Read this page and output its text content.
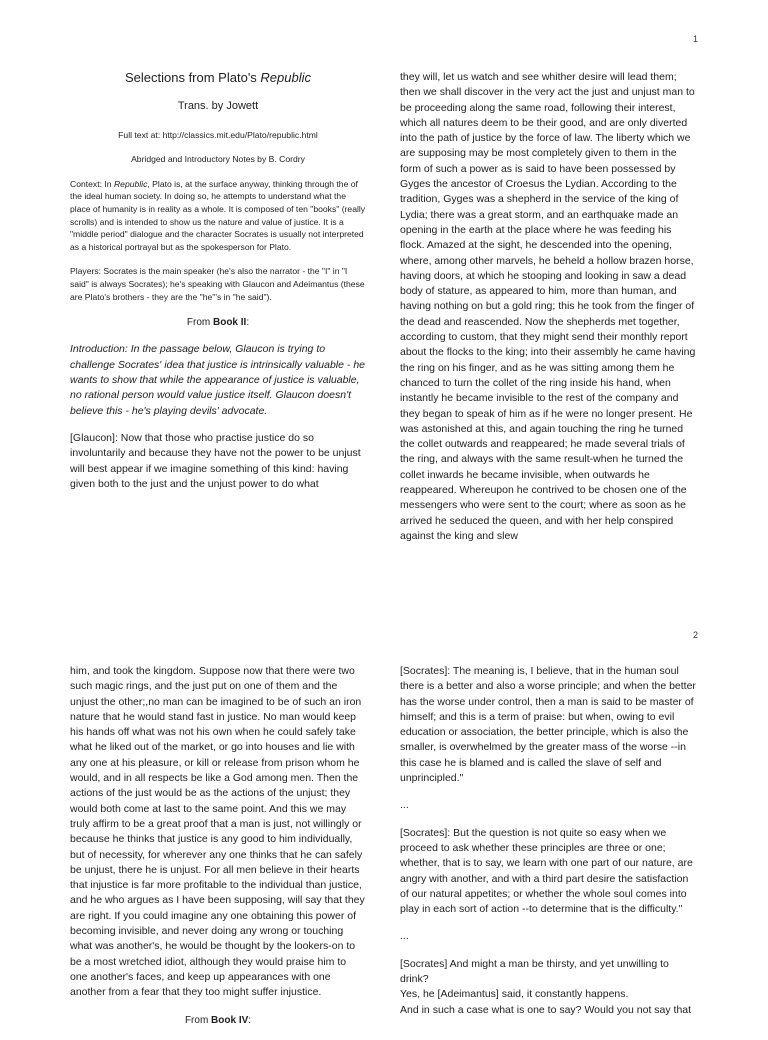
1
Selections from Plato's Republic
Trans. by Jowett

Full text at: http://classics.mit.edu/Plato/republic.html

Abridged and Introductory Notes by B. Cordry

Context: In Republic, Plato is, at the surface anyway, thinking through the of the ideal human society. In doing so, he attempts to understand what the place of humanity is in reality as a whole. It is composed of ten "books" (really scrolls) and is intended to show us the nature and value of justice. It is a "middle period" dialogue and the character Socrates is usually not interpreted as a historical portrayal but as the spokesperson for Plato.

Players: Socrates is the main speaker (he's also the narrator - the "I" in "I said" is always Socrates); he's speaking with Glaucon and Adeimantus (these are Plato's brothers - they are the "he"'s in "he said").

From Book II:

Introduction: In the passage below, Glaucon is trying to challenge Socrates' idea that justice is intrinsically valuable - he wants to show that while the appearance of justice is valuable, no rational person would value justice itself. Glaucon doesn't believe this - he's playing devils' advocate.

[Glaucon]: Now that those who practise justice do so involuntarily and because they have not the power to be unjust will best appear if we imagine something of this kind: having given both to the just and the unjust power to do what

they will, let us watch and see whither desire will lead them; then we shall discover in the very act the just and unjust man to be proceeding along the same road, following their interest, which all natures deem to be their good, and are only diverted into the path of justice by the force of law. The liberty which we are supposing may be most completely given to them in the form of such a power as is said to have been possessed by Gyges the ancestor of Croesus the Lydian. According to the tradition, Gyges was a shepherd in the service of the king of Lydia; there was a great storm, and an earthquake made an opening in the earth at the place where he was feeding his flock. Amazed at the sight, he descended into the opening, where, among other marvels, he beheld a hollow brazen horse, having doors, at which he stooping and looking in saw a dead body of stature, as appeared to him, more than human, and having nothing on but a gold ring; this he took from the finger of the dead and reascended. Now the shepherds met together, according to custom, that they might send their monthly report about the flocks to the king; into their assembly he came having the ring on his finger, and as he was sitting among them he chanced to turn the collet of the ring inside his hand, when instantly he became invisible to the rest of the company and they began to speak of him as if he were no longer present. He was astonished at this, and again touching the ring he turned the collet outwards and reappeared; he made several trials of the ring, and always with the same result-when he turned the collet inwards he became invisible, when outwards he reappeared. Whereupon he contrived to be chosen one of the messengers who were sent to the court; where as soon as he arrived he seduced the queen, and with her help conspired against the king and slew

2

him, and took the kingdom. Suppose now that there were two such magic rings, and the just put on one of them and the unjust the other;,no man can be imagined to be of such an iron nature that he would stand fast in justice. No man would keep his hands off what was not his own when he could safely take what he liked out of the market, or go into houses and lie with any one at his pleasure, or kill or release from prison whom he would, and in all respects be like a God among men. Then the actions of the just would be as the actions of the unjust; they would both come at last to the same point. And this we may truly affirm to be a great proof that a man is just, not willingly or because he thinks that justice is any good to him individually, but of necessity, for wherever any one thinks that he can safely be unjust, there he is unjust. For all men believe in their hearts that injustice is far more profitable to the individual than justice, and he who argues as I have been supposing, will say that they are right. If you could imagine any one obtaining this power of becoming invisible, and never doing any wrong or touching what was another's, he would be thought by the lookers-on to be a most wretched idiot, although they would praise him to one another's faces, and keep up appearances with one another from a fear that they too might suffer injustice.

From Book IV:

[Socrates]: The meaning is, I believe, that in the human soul there is a better and also a worse principle; and when the better has the worse under control, then a man is said to be master of himself; and this is a term of praise: but when, owing to evil education or association, the better principle, which is also the smaller, is overwhelmed by the greater mass of the worse --in this case he is blamed and is called the slave of self and unprincipled."

...

[Socrates]: But the question is not quite so easy when we proceed to ask whether these principles are three or one; whether, that is to say, we learn with one part of our nature, are angry with another, and with a third part desire the satisfaction of our natural appetites; or whether the whole soul comes into play in each sort of action --to determine that is the difficulty."

...

[Socrates] And might a man be thirsty, and yet unwilling to drink?

Yes, he [Adeimantus] said, it constantly happens.

And in such a case what is one to say? Would you not say that
